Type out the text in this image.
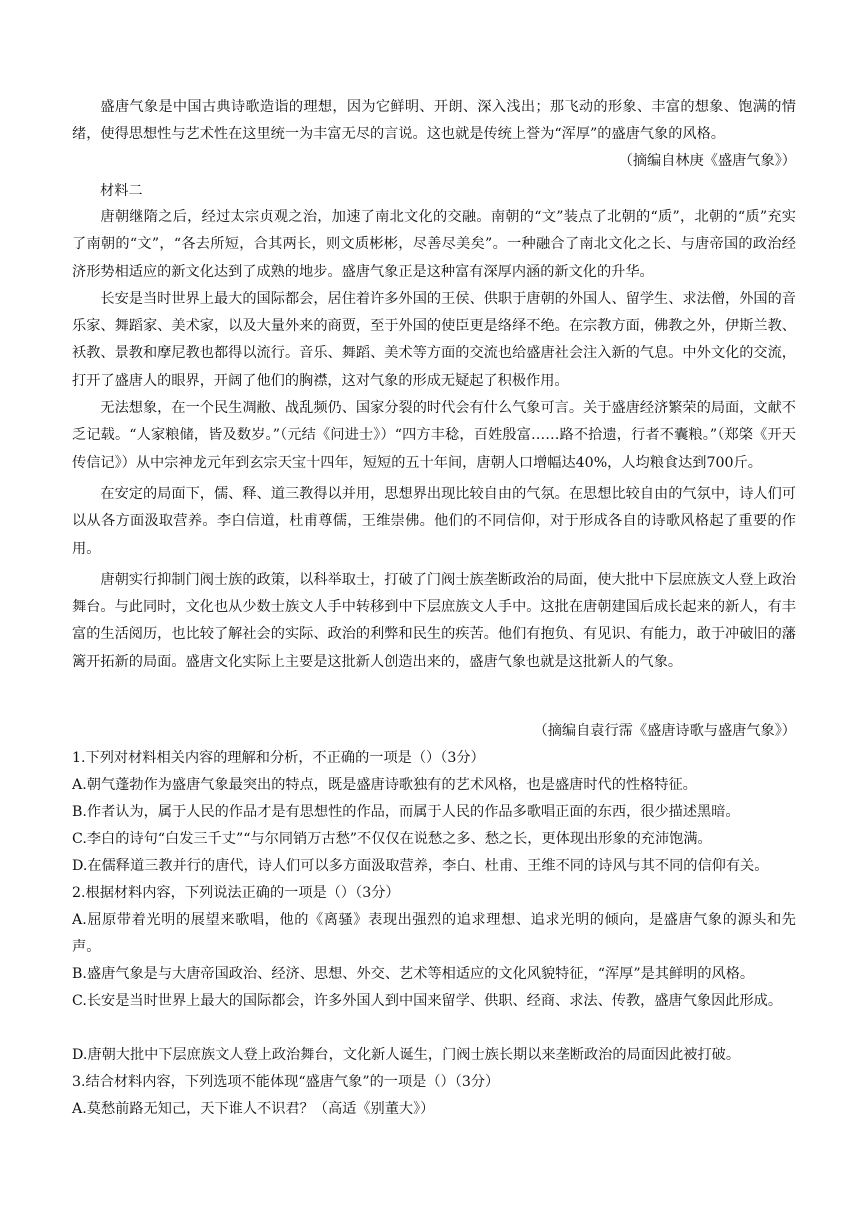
盛唐气象是中国古典诗歌造诣的理想，因为它鲜明、开朗、深入浅出；那飞动的形象、丰富的想象、饱满的情绪，使得思想性与艺术性在这里统一为丰富无尽的言说。这也就是传统上誉为“浑厚”的盛唐气象的风格。

（摘编自林庚《盛唐气象》）

材料二

唐朝继隋之后，经过太宗贞观之治，加速了南北文化的交融。南朝的“文”装点了北朝的“质”，北朝的“质”充实了南朝的“文”，“各去所短，合其两长，则文质彬彬，尽善尽美矣”。一种融合了南北文化之长、与唐帝国的政治经济形势相适应的新文化达到了成熟的地步。盛唐气象正是这种富有深厚内涵的新文化的升华。

长安是当时世界上最大的国际都会，居住着许多外国的王侯、供职于唐朝的外国人、留学生、求法僧，外国的音乐家、舞蹈家、美术家，以及大量外来的商贾，至于外国的使臣更是络绎不绝。在宗教方面，佛教之外，伊斯兰教、袄教、景教和摩尼教也都得以流行。音乐、舞蹈、美术等方面的交流也给盛唐社会注入新的气息。中外文化的交流，打开了盛唐人的眼界，开阔了他们的胸襟，这对气象的形成无疑起了积极作用。

无法想象，在一个民生凋敝、战乱频仍、国家分裂的时代会有什么气象可言。关于盛唐经济繁荣的局面，文献不乏记载。“人家粮储，皆及数岁。”（元结《问进士》）“四方丰稔，百姓殷富……路不拾遗，行者不囊粮。”（郑棨《开天传信记》）从中宗神龙元年到玄宗天宝十四年，短短的五十年间，唐朝人口增幅达40%，人均粮食达到700斤。

在安定的局面下，儒、释、道三教得以并用，思想界出现比较自由的气氛。在思想比较自由的气氛中，诗人们可以从各方面汲取营养。李白信道，杜甫尊儒，王维崇佛。他们的不同信仰，对于形成各自的诗歌风格起了重要的作用。

唐朝实行抑制门阀士族的政策，以科举取士，打破了门阀士族垄断政治的局面，使大批中下层庶族文人登上政治舞台。与此同时，文化也从少数士族文人手中转移到中下层庶族文人手中。这批在唐朝建国后成长起来的新人，有丰富的生活阅历，也比较了解社会的实际、政治的利弊和民生的疾苦。他们有抱负、有见识、有能力，敢于冲破旧的藩篱开拓新的局面。盛唐文化实际上主要是这批新人创造出来的，盛唐气象也就是这批新人的气象。

（摘编自袁行霈《盛唐诗歌与盛唐气象》）

1.下列对材料相关内容的理解和分析，不正确的一项是（）（3分）

A.朝气蓬勃作为盛唐气象最突出的特点，既是盛唐诗歌独有的艺术风格，也是盛唐时代的性格特征。

B.作者认为，属于人民的作品才是有思想性的作品，而属于人民的作品多歌唱正面的东西，很少描述黑暗。

C.李白的诗句“白发三千丈”“与尔同销万古愁”不仅仅在说愁之多、愁之长，更体现出形象的充沛饱满。

D.在儒释道三教并行的唐代，诗人们可以多方面汲取营养，李白、杜甫、王维不同的诗风与其不同的信仰有关。

2.根据材料内容，下列说法正确的一项是（）（3分）

A.屈原带着光明的展望来歌唱，他的《离骚》表现出强烈的追求理想、追求光明的倾向，是盛唐气象的源头和先声。

B.盛唐气象是与大唐帝国政治、经济、思想、外交、艺术等相适应的文化风貌特征，“浑厚”是其鲜明的风格。

C.长安是当时世界上最大的国际都会，许多外国人到中国来留学、供职、经商、求法、传教，盛唐气象因此形成。

D.唐朝大批中下层庶族文人登上政治舞台，文化新人诞生，门阀士族长期以来垄断政治的局面因此被打破。

3.结合材料内容，下列选项不能体现“盛唐气象”的一项是（）（3分）

A.莫愁前路无知己，天下谁人不识君？（高适《别董大》）
